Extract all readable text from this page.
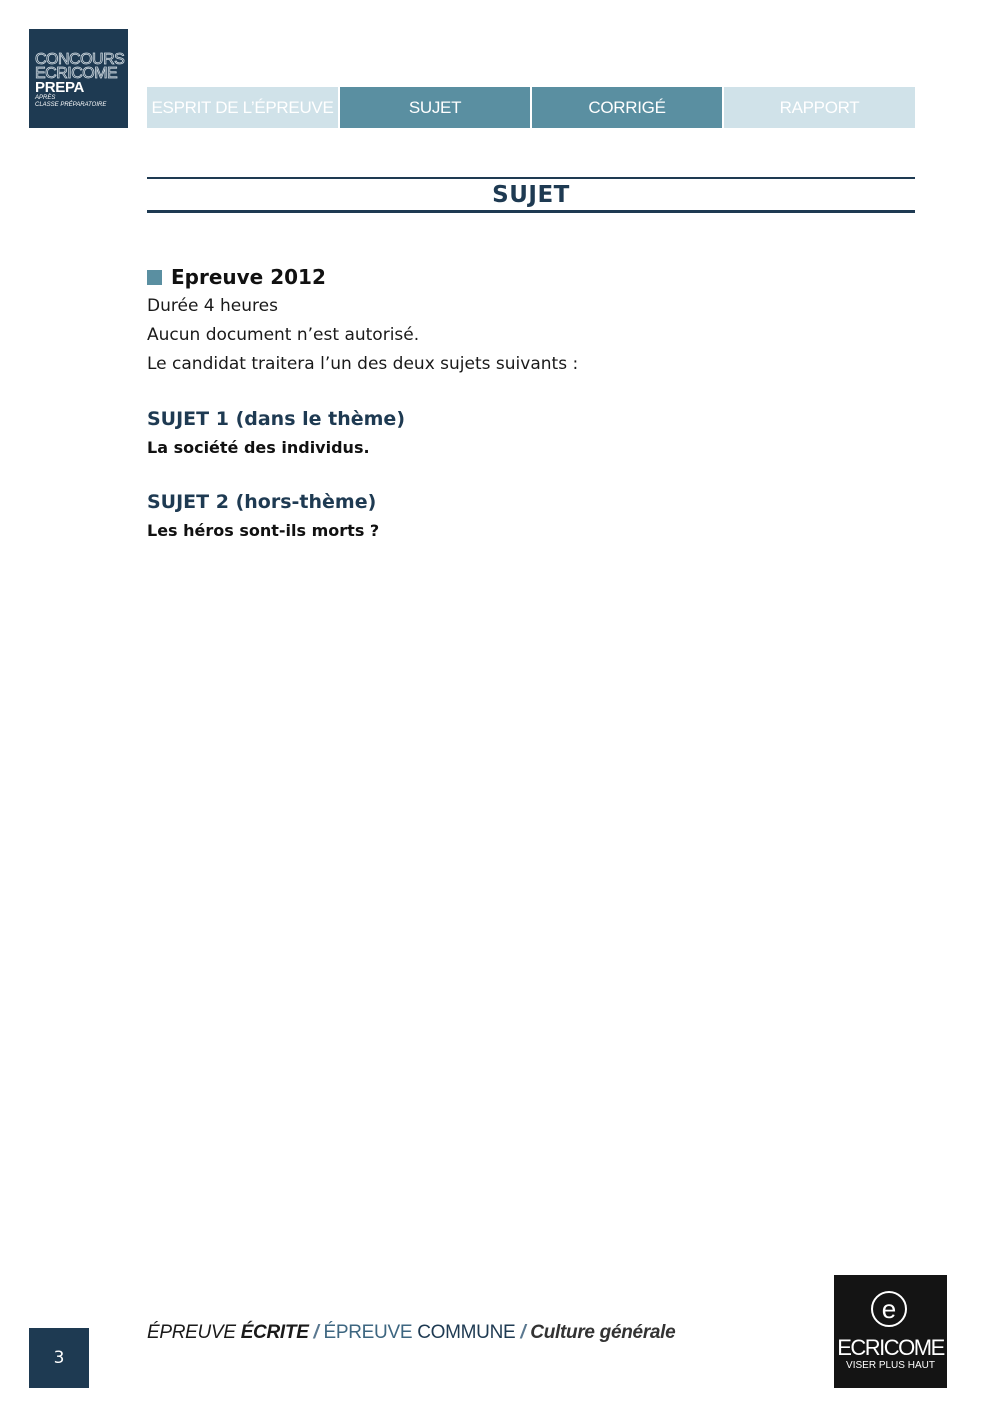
CONCOURS
ECRICOME
PREPA
APRÈS
CLASSE PRÉPARATOIRE	ESPRIT DE L’ÉPREUVE	SUJET	CORRIGÉ	RAPPORT
SUJET
Epreuve 2012
Durée 4 heures
Aucun document n’est autorisé.
Le candidat traitera l’un des deux sujets suivants :
SUJET 1 (dans le thème)
La société des individus.
SUJET 2 (hors-thème)
Les héros sont-ils morts ?
3
ÉPREUVE ÉCRITE / ÉPREUVE COMMUNE / Culture générale
e
ECRICOME
VISER PLUS HAUT
